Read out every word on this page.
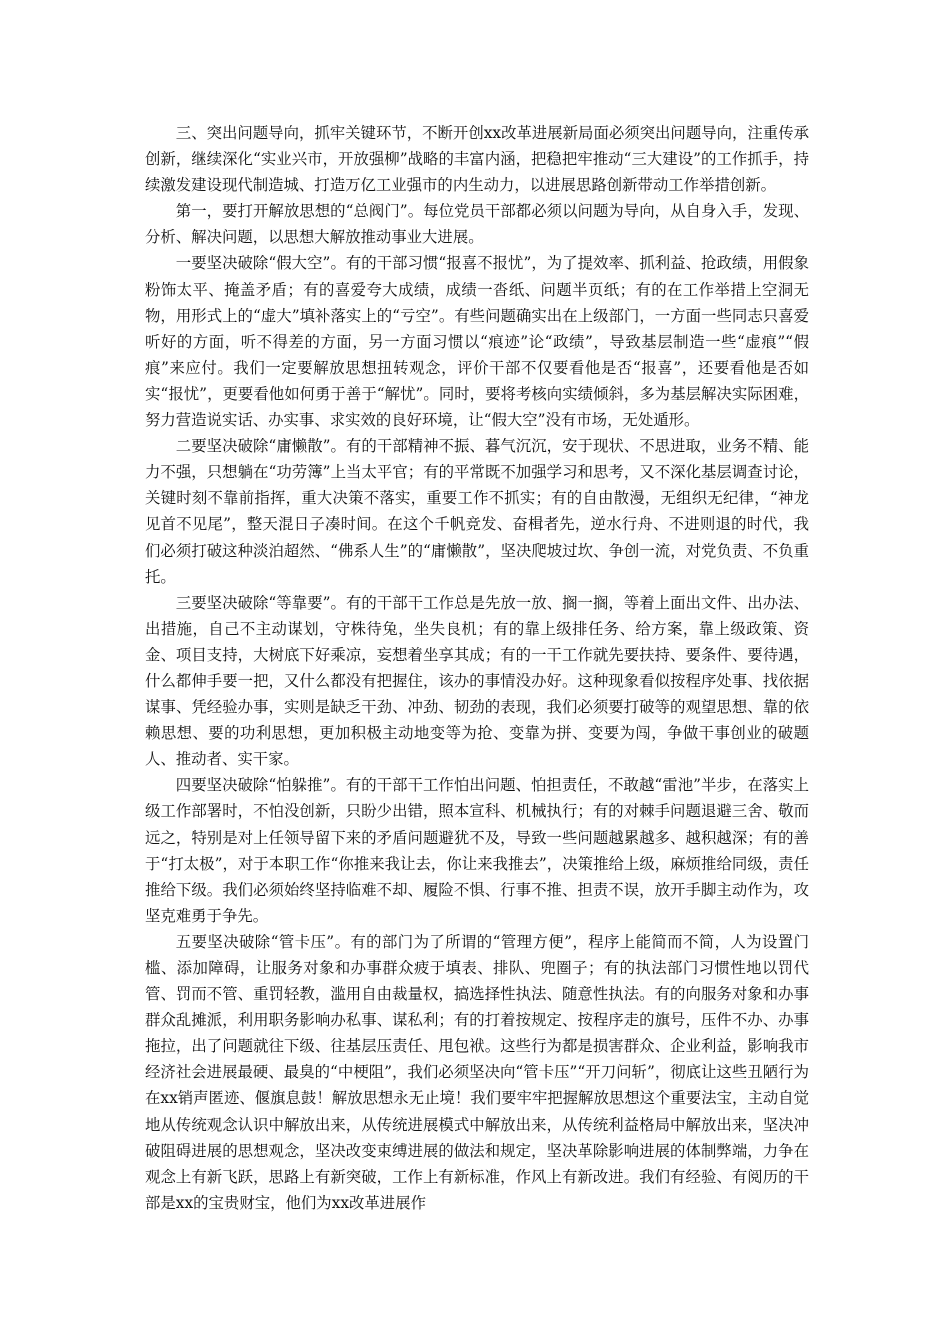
三、突出问题导向，抓牢关键环节，不断开创xx改革进展新局面必须突出问题导向，注重传承创新，继续深化“实业兴市，开放强柳”战略的丰富内涵，把稳把牢推动“三大建设”的工作抓手，持续激发建设现代制造城、打造万亿工业强市的内生动力，以进展思路创新带动工作举措创新。

第一，要打开解放思想的“总阀门”。每位党员干部都必须以问题为导向，从自身入手，发现、分析、解决问题，以思想大解放推动事业大进展。

一要坚决破除“假大空”。有的干部习惯“报喜不报忧”，为了提效率、抓利益、抢政绩，用假象粉饰太平、掩盖矛盾；有的喜爱夸大成绩，成绩一沓纸、问题半页纸；有的在工作举措上空洞无物，用形式上的“虚大”填补落实上的“亏空”。有些问题确实出在上级部门，一方面一些同志只喜爱听好的方面，听不得差的方面，另一方面习惯以“痕迹”论“政绩”，导致基层制造一些“虚痕”“假痕”来应付。我们一定要解放思想扭转观念，评价干部不仅要看他是否“报喜”，还要看他是否如实“报忧”，更要看他如何勇于善于“解忧”。同时，要将考核向实绩倾斜，多为基层解决实际困难，努力营造说实话、办实事、求实效的良好环境，让“假大空”没有市场，无处遁形。

二要坚决破除“庸懒散”。有的干部精神不振、暮气沉沉，安于现状、不思进取，业务不精、能力不强，只想躺在“功劳簿”上当太平官；有的平常既不加强学习和思考，又不深化基层调查讨论，关键时刻不靠前指挥，重大决策不落实，重要工作不抓实；有的自由散漫，无组织无纪律，“神龙见首不见尾”，整天混日子凑时间。在这个千帆竞发、奋楫者先，逆水行舟、不进则退的时代，我们必须打破这种淡泊超然、“佛系人生”的“庸懒散”，坚决爬坡过坎、争创一流，对党负责、不负重托。

三要坚决破除“等靠要”。有的干部干工作总是先放一放、搁一搁，等着上面出文件、出办法、出措施，自己不主动谋划，守株待兔，坐失良机；有的靠上级排任务、给方案，靠上级政策、资金、项目支持，大树底下好乘凉，妄想着坐享其成；有的一干工作就先要扶持、要条件、要待遇，什么都伸手要一把，又什么都没有把握住，该办的事情没办好。这种现象看似按程序处事、找依据谋事、凭经验办事，实则是缺乏干劲、冲劲、韧劲的表现，我们必须要打破等的观望思想、靠的依赖思想、要的功利思想，更加积极主动地变等为抢、变靠为拼、变要为闯，争做干事创业的破题人、推动者、实干家。

四要坚决破除“怕躲推”。有的干部干工作怕出问题、怕担责任，不敢越“雷池”半步，在落实上级工作部署时，不怕没创新，只盼少出错，照本宣科、机械执行；有的对棘手问题退避三舍、敬而远之，特别是对上任领导留下来的矛盾问题避犹不及，导致一些问题越累越多、越积越深；有的善于“打太极”，对于本职工作“你推来我让去，你让来我推去”，决策推给上级，麻烦推给同级，责任推给下级。我们必须始终坚持临难不却、履险不惧、行事不推、担责不误，放开手脚主动作为，攻坚克难勇于争先。

五要坚决破除“管卡压”。有的部门为了所谓的“管理方便”，程序上能简而不简，人为设置门槛、添加障碍，让服务对象和办事群众疲于填表、排队、兜圈子；有的执法部门习惯性地以罚代管、罚而不管、重罚轻教，滥用自由裁量权，搞选择性执法、随意性执法。有的向服务对象和办事群众乱摊派，利用职务影响办私事、谋私利；有的打着按规定、按程序走的旗号，压件不办、办事拖拉，出了问题就往下级、往基层压责任、甩包袱。这些行为都是损害群众、企业利益，影响我市经济社会进展最硬、最臭的“中梗阻”，我们必须坚决向“管卡压”“开刀问斩”，彻底让这些丑陋行为在xx销声匿迹、偃旗息鼓！解放思想永无止境！我们要牢牢把握解放思想这个重要法宝，主动自觉地从传统观念认识中解放出来，从传统进展模式中解放出来，从传统利益格局中解放出来，坚决冲破阻碍进展的思想观念，坚决改变束缚进展的做法和规定，坚决革除影响进展的体制弊端，力争在观念上有新飞跃，思路上有新突破，工作上有新标准，作风上有新改进。我们有经验、有阅历的干部是xx的宝贵财宝，他们为xx改革进展作
